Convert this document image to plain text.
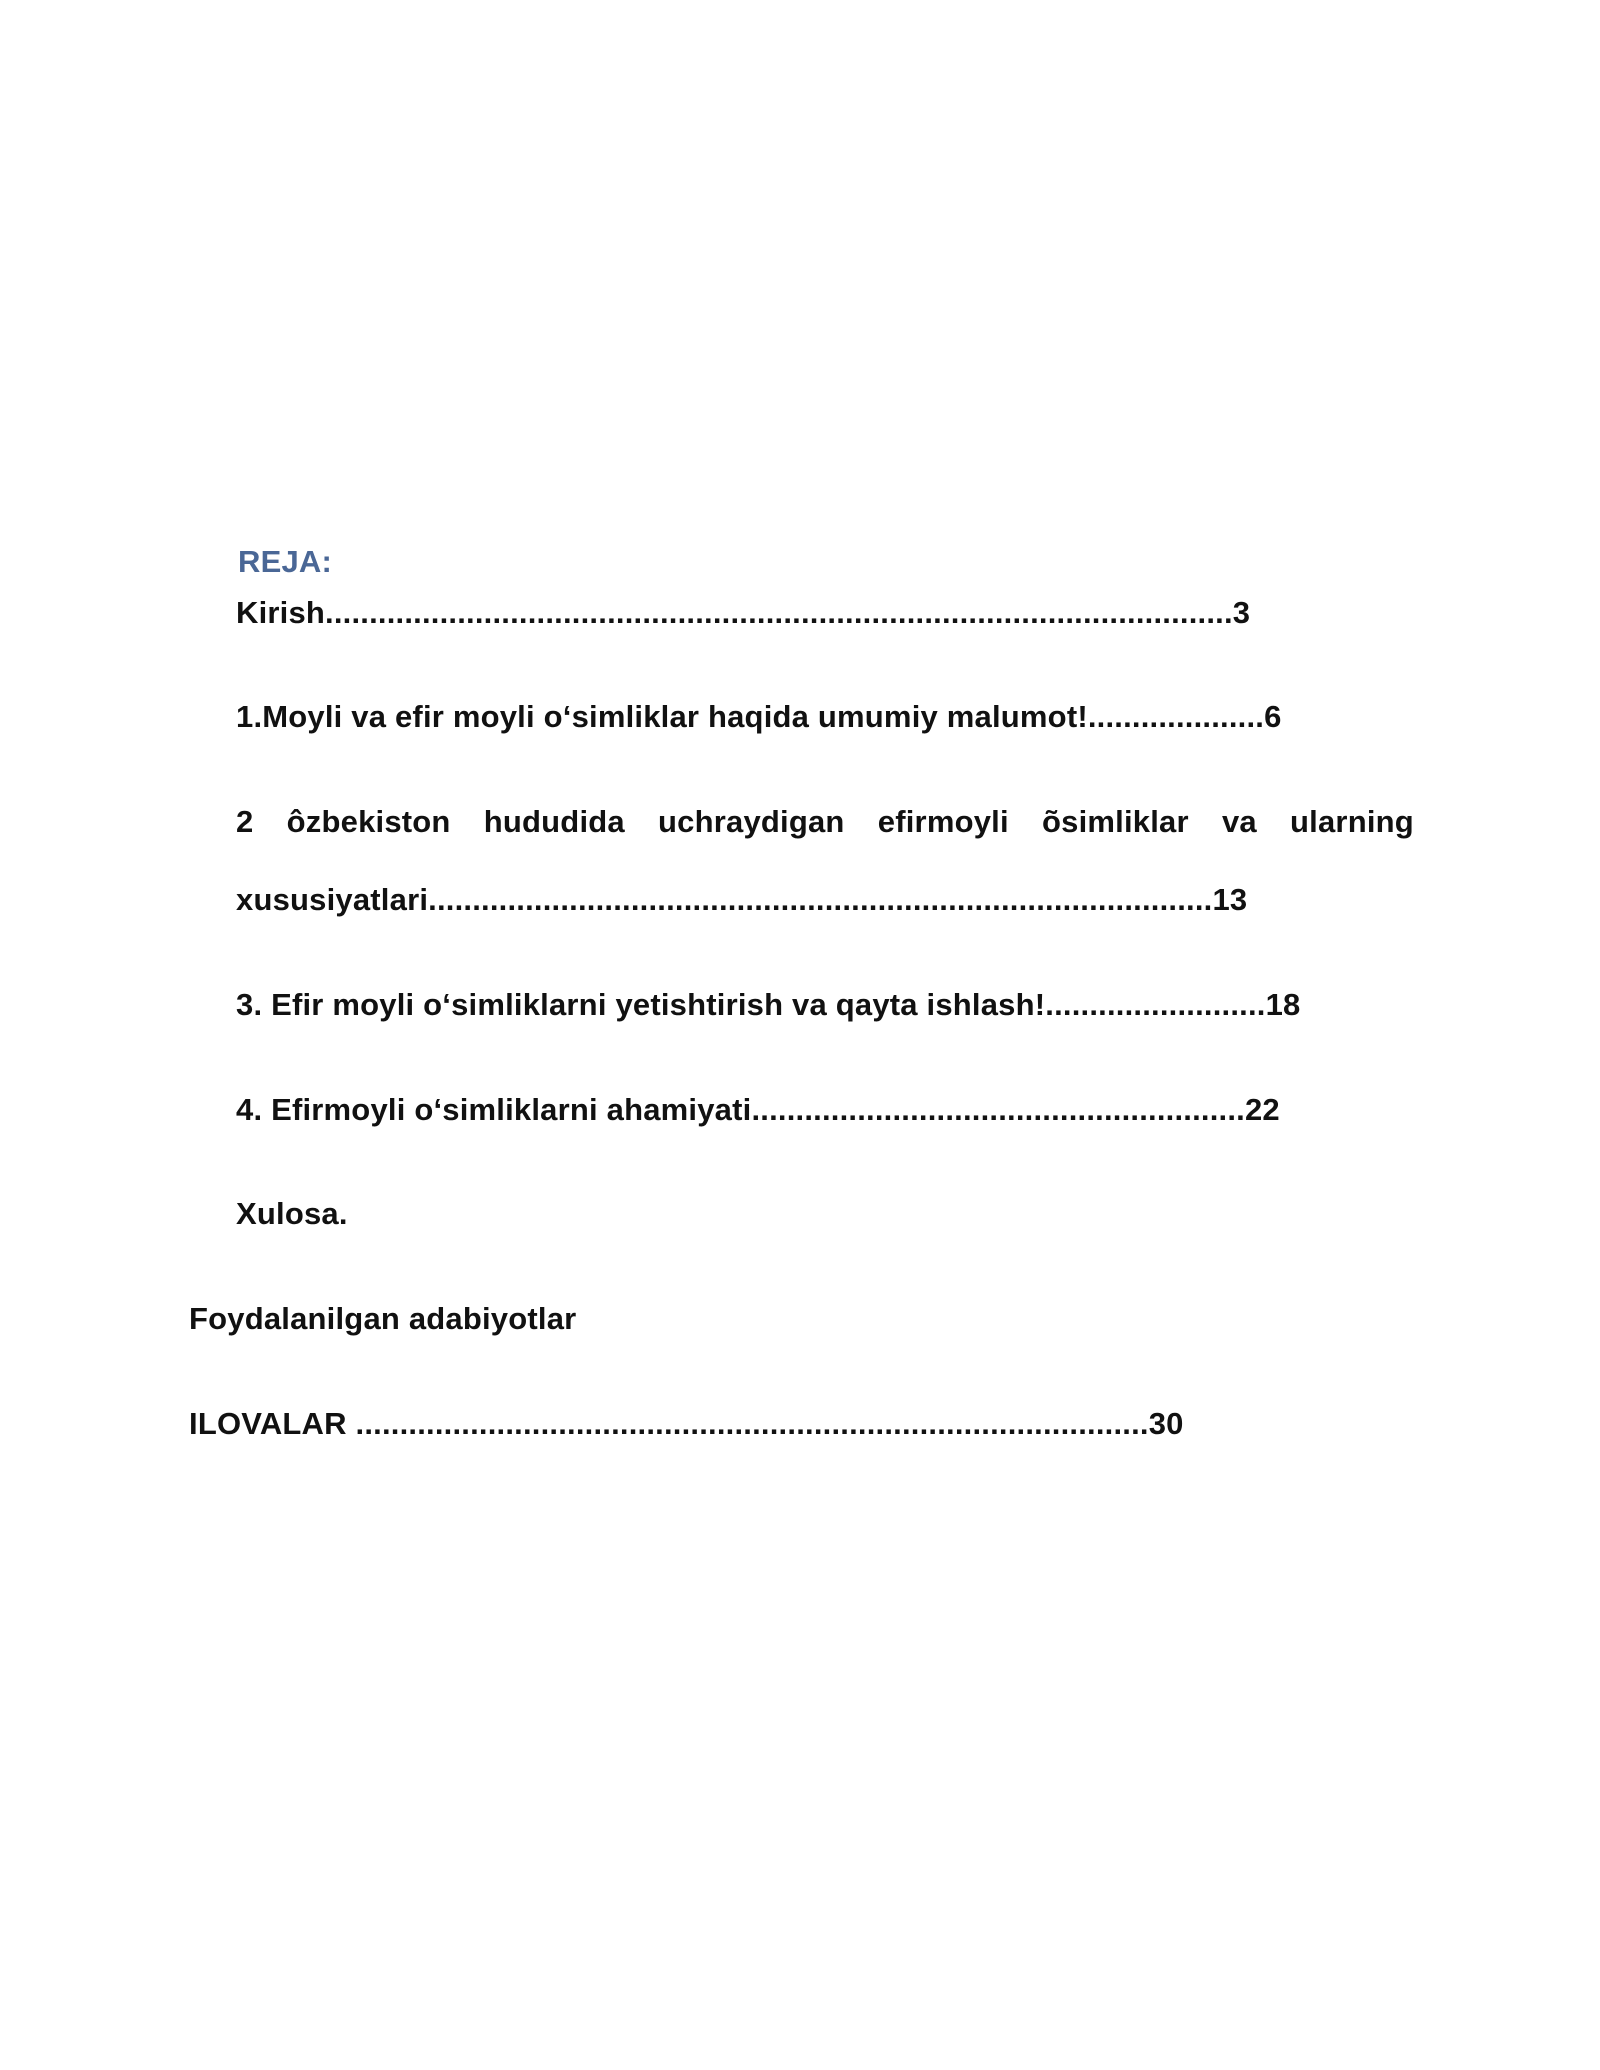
REJA:
Kirish.......................................................................................................3
1.Moyli va efir moyli o‘simliklar haqida umumiy malumot!....................6
2 ôzbekiston hududida uchraydigan efirmoyli õsimliklar va ularning
xususiyatlari.........................................................................................13
3. Efir moyli o‘simliklarni yetishtirish va qayta ishlash!.........................18
4. Efirmoyli o‘simliklarni ahamiyati........................................................22
Xulosa.
Foydalanilgan adabiyotlar
ILOVALAR ..........................................................................................30
